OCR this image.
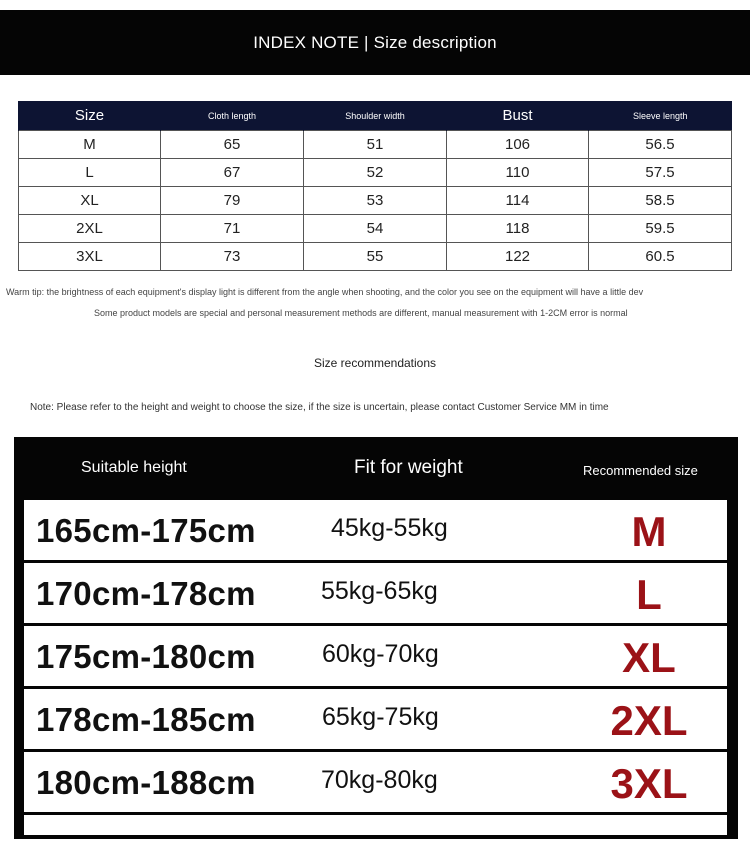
INDEX NOTE | Size description
Size	Cloth length	Shoulder width	Bust	Sleeve length
M	65	51	106	56.5
L	67	52	110	57.5
XL	79	53	114	58.5
2XL	71	54	118	59.5
3XL	73	55	122	60.5
Warm tip: the brightness of each equipment's display light is different from the angle when shooting, and the color you see on the equipment will have a little dev
Some product models are special and personal measurement methods are different, manual measurement with 1-2CM error is normal
Size recommendations
Note: Please refer to the height and weight to choose the size, if the size is uncertain, please contact Customer Service MM in time
Suitable height	Fit for weight	Recommended size
165cm-175cm	45kg-55kg	M
170cm-178cm	55kg-65kg	L
175cm-180cm	60kg-70kg	XL
178cm-185cm	65kg-75kg	2XL
180cm-188cm	70kg-80kg	3XL
